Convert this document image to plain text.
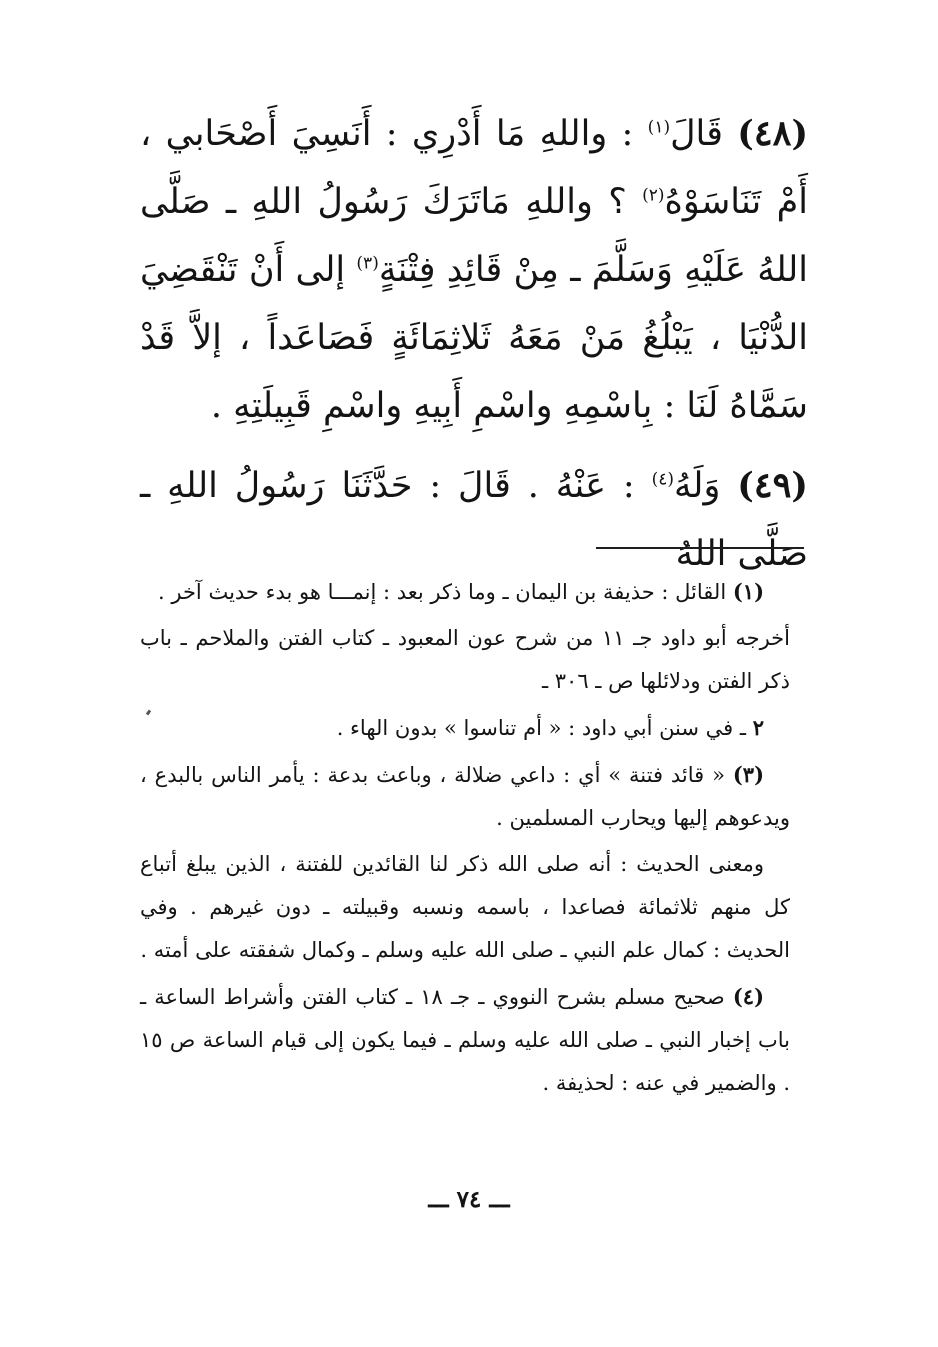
(٤٨) قَالَ$^{(١)}$ : واللهِ مَا أَدْرِي : أَنَسِيَ أَصْحَابي ، أَمْ تَنَاسَوْهُ$^{(٢)}$ ؟ واللهِ مَاتَرَكَ رَسُولُ اللهِ ـ صَلَّى اللهُ عَلَيْهِ وَسَلَّمَ ـ مِنْ قَائِدِ فِتْنَةٍ$^{(٣)}$ إلى أَنْ تَنْقَضِيَ الدُّنْيَا ، يَبْلُغُ مَنْ مَعَهُ ثَلاثِمَائَةٍ فَصَاعَداً ، إلاَّ قَدْ سَمَّاهُ لَنَا : بِاسْمِهِ واسْمِ أَبِيهِ واسْمِ قَبِيلَتِهِ .

(٤٩) وَلَهُ$^{(٤)}$ : عَنْهُ . قَالَ : حَدَّثَنَا رَسُولُ اللهِ ـ صَلَّى اللهُ

(١) القائل : حذيفة بن اليمان ـ وما ذكر بعد : إنمـــا هو بدء حديث آخر .

أخرجه أبو داود جـ ١١ من شرح عون المعبود ـ كتاب الفتن والملاحم ـ باب ذكر الفتن ودلائلها ص ـ ٣٠٦ ـ

٢ ـ في سنن أبي داود : « أم تناسوا » بدون الهاء .

(٣) « قائد فتنة » أي : داعي ضلالة ، وباعث بدعة : يأمر الناس بالبدع ، ويدعوهم إليها ويحارب المسلمين .

ومعنى الحديث : أنه صلى الله ذكر لنا القائدين للفتنة ، الذين يبلغ أتباع كل منهم ثلاثمائة فصاعدا ، باسمه ونسبه وقبيلته ـ دون غيرهم . وفي الحديث : كمال علم النبي ـ صلى الله عليه وسلم ـ وكمال شفقته على أمته .

(٤) صحيح مسلم بشرح النووي ـ جـ ١٨ ـ كتاب الفتن وأشراط الساعة ـ باب إخبار النبي ـ صلى الله عليه وسلم ـ فيما يكون إلى قيام الساعة ص ١٥ . والضمير في عنه : لحذيفة .

ـــ ٧٤ ـــ
